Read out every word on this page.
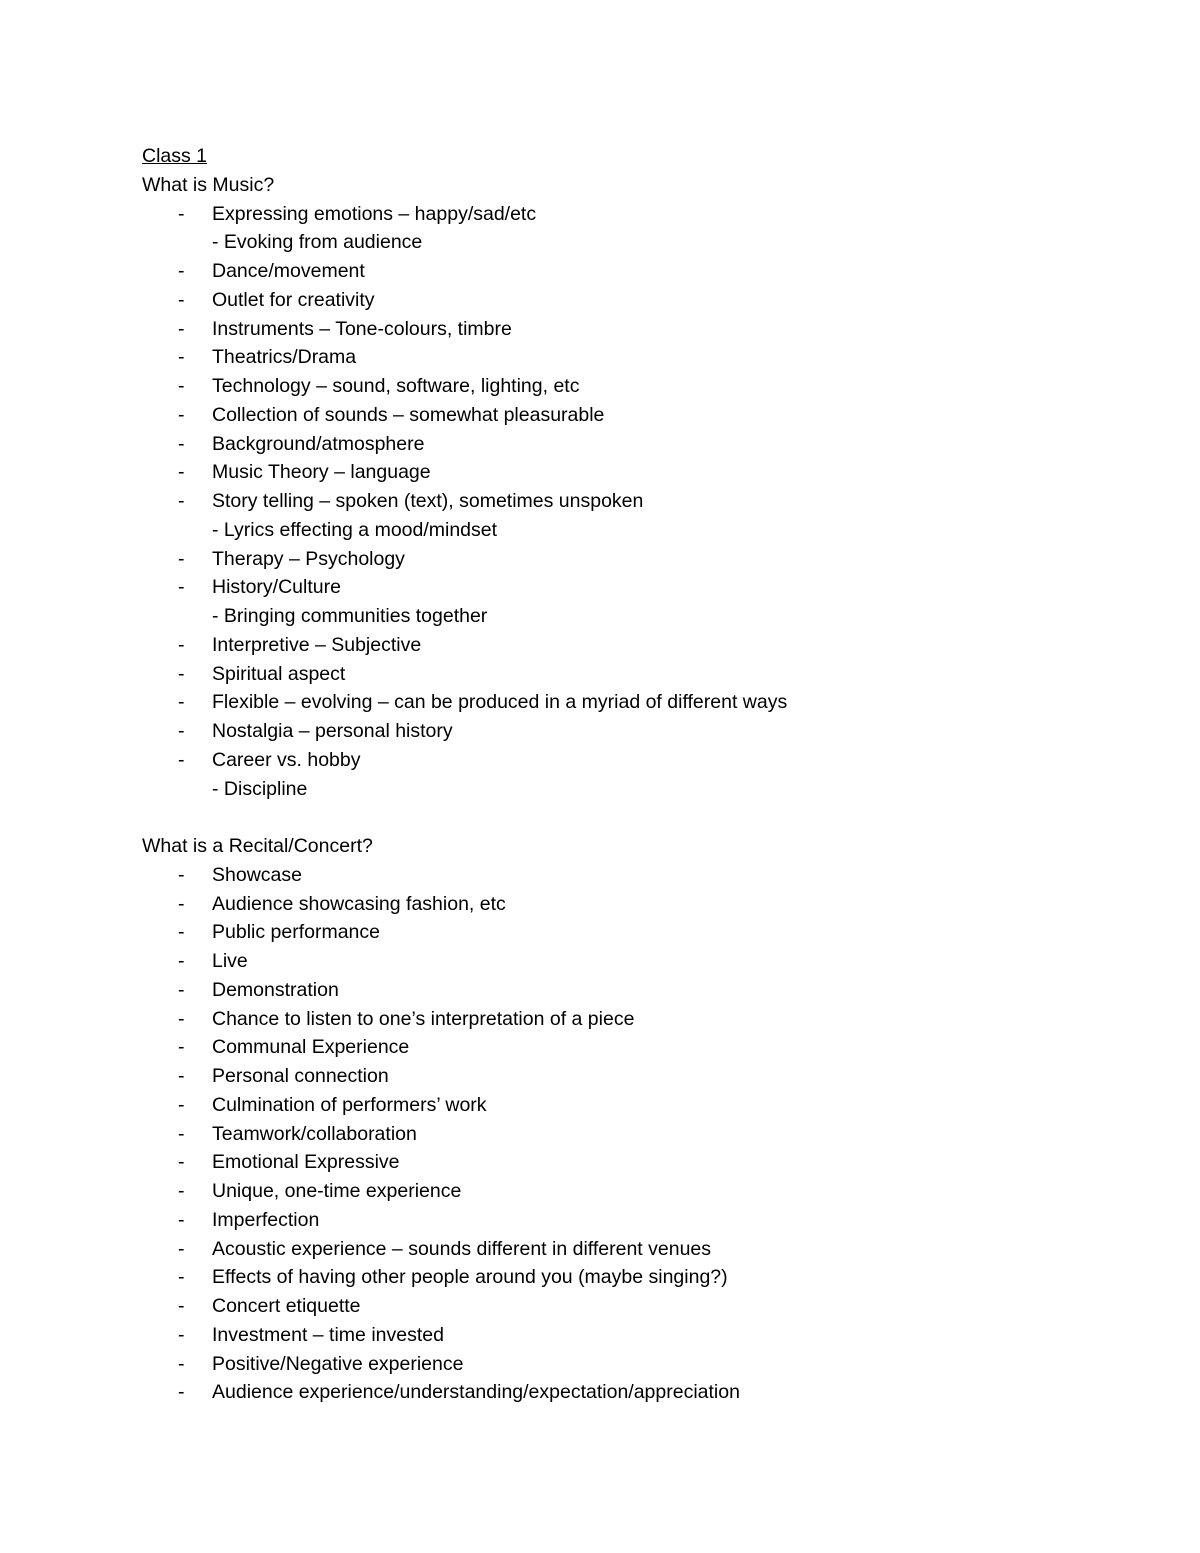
Class 1
What is Music?
- Expressing emotions – happy/sad/etc
- Evoking from audience
- Dance/movement
- Outlet for creativity
- Instruments – Tone-colours, timbre
- Theatrics/Drama
- Technology – sound, software, lighting, etc
- Collection of sounds – somewhat pleasurable
- Background/atmosphere
- Music Theory – language
- Story telling – spoken (text), sometimes unspoken
- Lyrics effecting a mood/mindset
- Therapy – Psychology
- History/Culture
- Bringing communities together
- Interpretive – Subjective
- Spiritual aspect
- Flexible – evolving – can be produced in a myriad of different ways
- Nostalgia – personal history
- Career vs. hobby
- Discipline
What is a Recital/Concert?
- Showcase
- Audience showcasing fashion, etc
- Public performance
- Live
- Demonstration
- Chance to listen to one’s interpretation of a piece
- Communal Experience
- Personal connection
- Culmination of performers’ work
- Teamwork/collaboration
- Emotional Expressive
- Unique, one-time experience
- Imperfection
- Acoustic experience – sounds different in different venues
- Effects of having other people around you (maybe singing?)
- Concert etiquette
- Investment – time invested
- Positive/Negative experience
- Audience experience/understanding/expectation/appreciation
